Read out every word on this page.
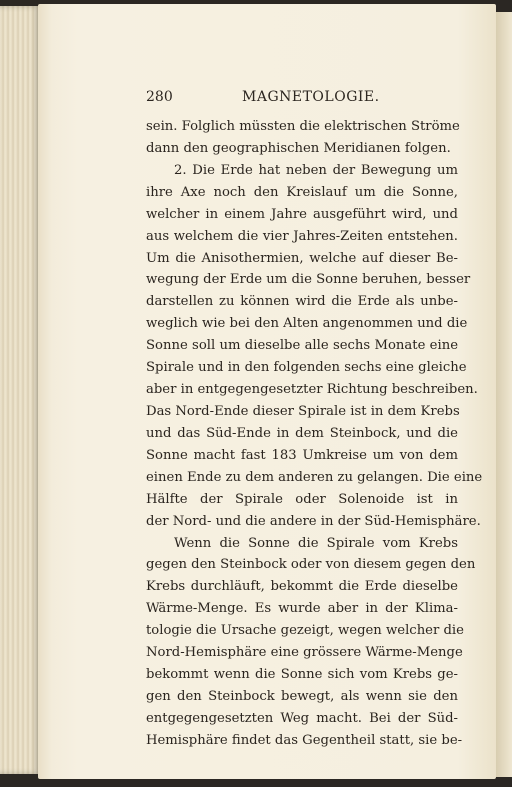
280	MAGNETOLOGIE.
sein. Folglich müssten die elektrischen Ströme
dann den geographischen Meridianen folgen.
2. Die Erde hat neben der Bewegung um
ihre Axe noch den Kreislauf um die Sonne,
welcher in einem Jahre ausgeführt wird, und
aus welchem die vier Jahres-Zeiten entstehen.
Um die Anisothermien, welche auf dieser Be-
wegung der Erde um die Sonne beruhen, besser
darstellen zu können wird die Erde als unbe-
weglich wie bei den Alten angenommen und die
Sonne soll um dieselbe alle sechs Monate eine
Spirale und in den folgenden sechs eine gleiche
aber in entgegengesetzter Richtung beschreiben.
Das Nord-Ende dieser Spirale ist in dem Krebs
und das Süd-Ende in dem Steinbock, und die
Sonne macht fast 183 Umkreise um von dem
einen Ende zu dem anderen zu gelangen. Die eine
Hälfte der Spirale oder Solenoide ist in
der Nord- und die andere in der Süd-Hemisphäre.
Wenn die Sonne die Spirale vom Krebs
gegen den Steinbock oder von diesem gegen den
Krebs durchläuft, bekommt die Erde dieselbe
Wärme-Menge. Es wurde aber in der Klima-
tologie die Ursache gezeigt, wegen welcher die
Nord-Hemisphäre eine grössere Wärme-Menge
bekommt wenn die Sonne sich vom Krebs ge-
gen den Steinbock bewegt, als wenn sie den
entgegengesetzten Weg macht. Bei der Süd-
Hemisphäre findet das Gegentheil statt, sie be-
